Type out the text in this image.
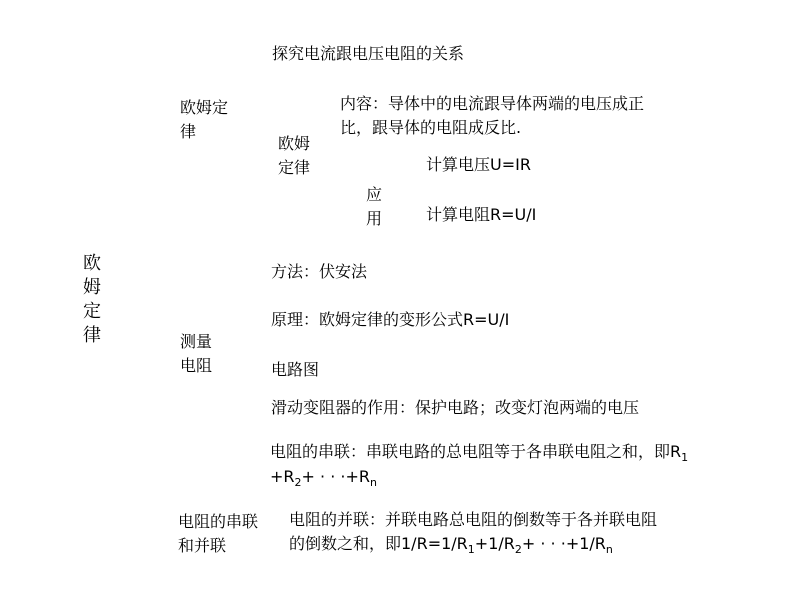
探究电流跟电压电阻的关系
欧
姆
定
律
欧姆定
律
欧姆
定律
内容：导体中的电流跟导体两端的电压成正
比，跟导体的电阻成反比.
应
用
计算电压U=IR
计算电阻R=U/I
测量
电阻
方法：伏安法
原理：欧姆定律的变形公式R=U/I
电路图
滑动变阻器的作用：保护电路；改变灯泡两端的电压
电阻的串联
和并联
电阻的串联：串联电路的总电阻等于各串联电阻之和，即$R_1$
$+R_2+$ · · $\cdot+R_n$
电阻的并联：并联电路总电阻的倒数等于各并联电阻
的倒数之和，即$1/R=1/R_1+1/R_2+$ · · $\cdot+1/R_n$
